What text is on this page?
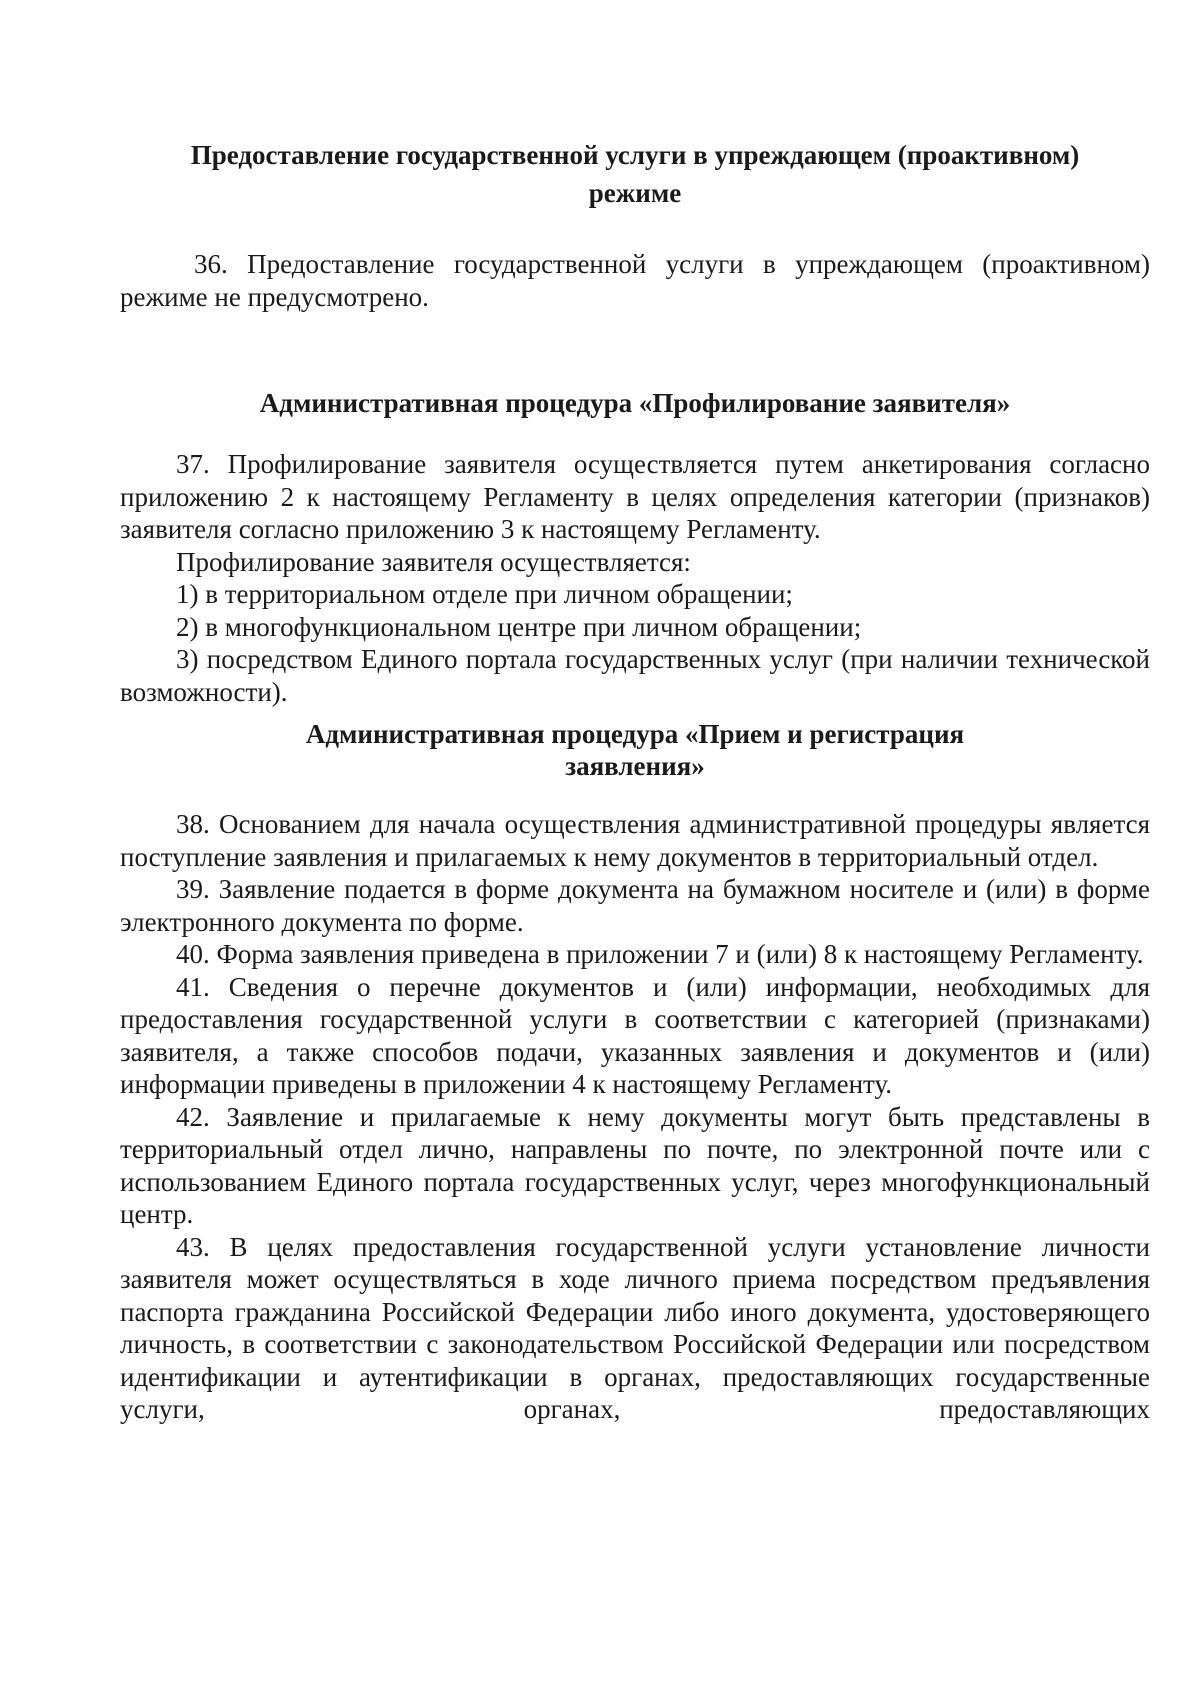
Предоставление государственной услуги в упреждающем (проактивном)
режиме

36. Предоставление государственной услуги в упреждающем (проактивном) режиме не предусмотрено.

Административная процедура «Профилирование заявителя»

37. Профилирование заявителя осуществляется путем анкетирования согласно приложению 2 к настоящему Регламенту в целях определения категории (признаков) заявителя согласно приложению 3 к настоящему Регламенту.

Профилирование заявителя осуществляется:

1) в территориальном отделе при личном обращении;

2) в многофункциональном центре при личном обращении;

3) посредством Единого портала государственных услуг (при наличии технической возможности).

Административная процедура «Прием и регистрация
заявления»

38. Основанием для начала осуществления административной процедуры является поступление заявления и прилагаемых к нему документов в территориальный отдел.

39. Заявление подается в форме документа на бумажном носителе и (или) в форме электронного документа по форме.

40. Форма заявления приведена в приложении 7 и (или) 8 к настоящему Регламенту.

41. Сведения о перечне документов и (или) информации, необходимых для предоставления государственной услуги в соответствии с категорией (признаками) заявителя, а также способов подачи, указанных заявления и документов и (или) информации приведены в приложении 4 к настоящему Регламенту.

42. Заявление и прилагаемые к нему документы могут быть представлены в территориальный отдел лично, направлены по почте, по электронной почте или с использованием Единого портала государственных услуг, через многофункциональный центр.

43. В целях предоставления государственной услуги установление личности заявителя может осуществляться в ходе личного приема посредством предъявления паспорта гражданина Российской Федерации либо иного документа, удостоверяющего личность, в соответствии с законодательством Российской Федерации или посредством идентификации и аутентификации в органах, предоставляющих государственные услуги, органах, предоставляющих
